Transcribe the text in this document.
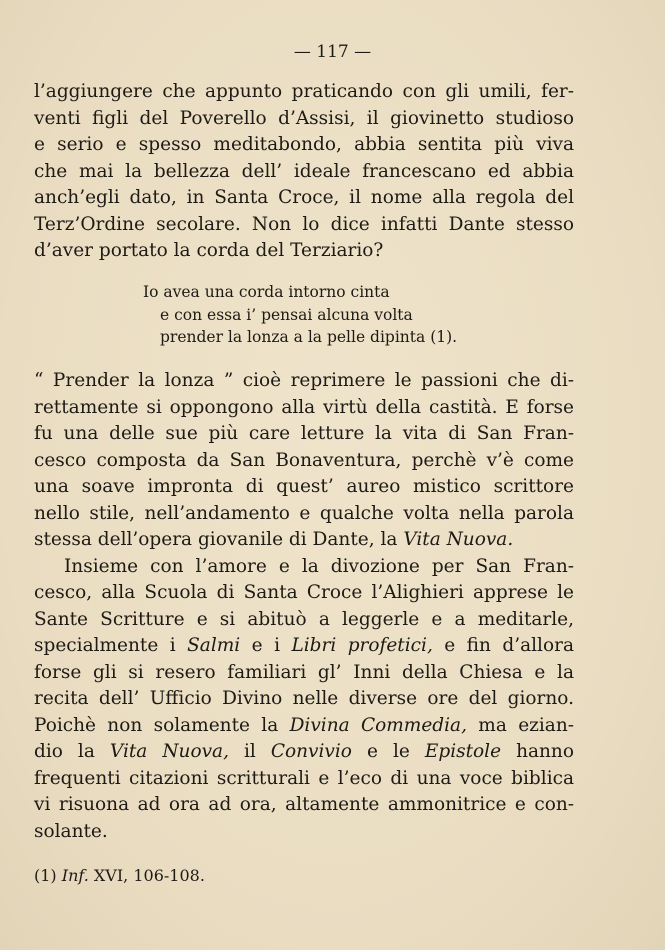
— 117 —
l’aggiungere che appunto praticando con gli umili, fer-
venti figli del Poverello d’Assisi, il giovinetto studioso
e serio e spesso meditabondo, abbia sentita più viva
che mai la bellezza dell’ ideale francescano ed abbia
anch’egli dato, in Santa Croce, il nome alla regola del
Terz’Ordine secolare. Non lo dice infatti Dante stesso
d’aver portato la corda del Terziario?
Io avea una corda intorno cinta
e con essa i’ pensai alcuna volta
prender la lonza a la pelle dipinta (1).
“ Prender la lonza ” cioè reprimere le passioni che di-
rettamente si oppongono alla virtù della castità. E forse
fu una delle sue più care letture la vita di San Fran-
cesco composta da San Bonaventura, perchè v’è come
una soave impronta di quest’ aureo mistico scrittore
nello stile, nell’andamento e qualche volta nella parola
stessa dell’opera giovanile di Dante, la Vita Nuova.
Insieme con l’amore e la divozione per San Fran-
cesco, alla Scuola di Santa Croce l’Alighieri apprese le
Sante Scritture e si abituò a leggerle e a meditarle,
specialmente i Salmi e i Libri profetici, e fin d’allora
forse gli si resero familiari gl’ Inni della Chiesa e la
recita dell’ Ufficio Divino nelle diverse ore del giorno.
Poichè non solamente la Divina Commedia, ma ezian-
dio la Vita Nuova, il Convivio e le Epistole hanno
frequenti citazioni scritturali e l’eco di una voce biblica
vi risuona ad ora ad ora, altamente ammonitrice e con-
solante.
(1) Inf. XVI, 106-108.
